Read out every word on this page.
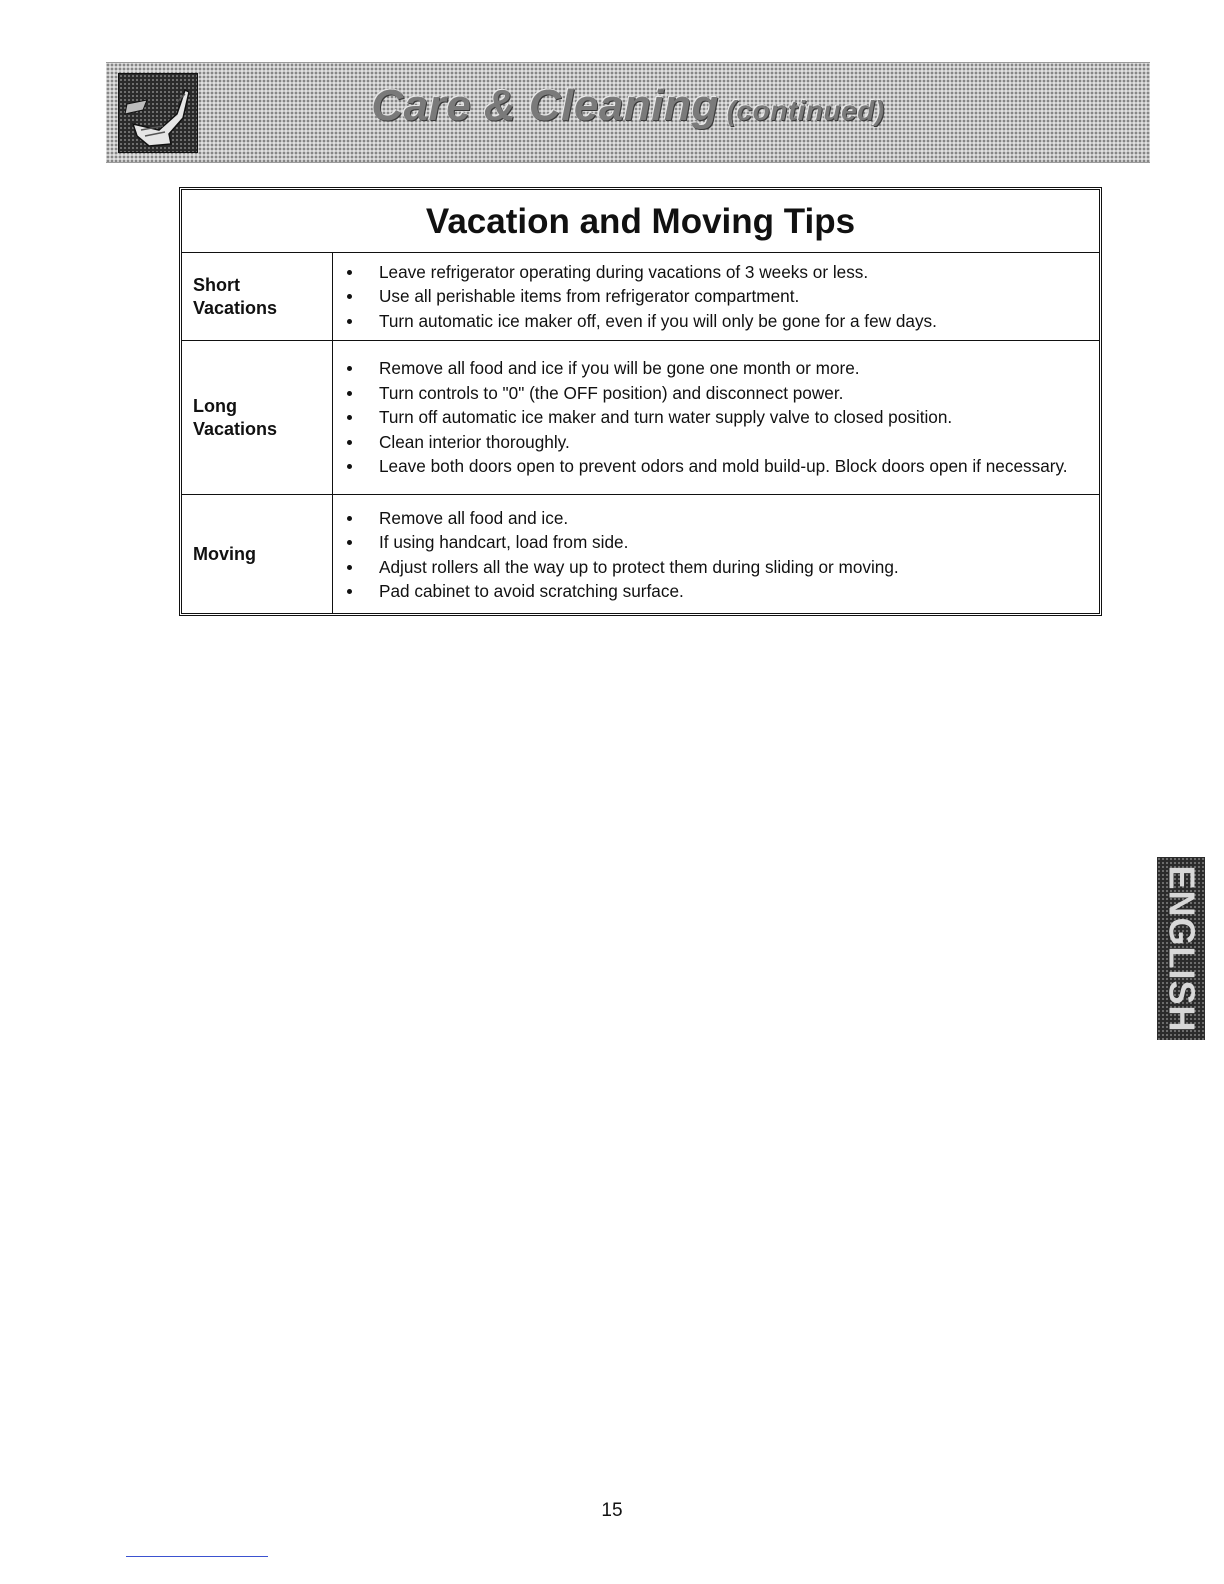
Care & Cleaning (continued)
Vacation and Moving Tips
Short
Vacations
Leave refrigerator operating during vacations of 3 weeks or less.
Use all perishable items from refrigerator compartment.
Turn automatic ice maker off, even if you will only be gone for a few days.
Long
Vacations
Remove all food and ice if you will be gone one month or more.
Turn controls to "0" (the OFF position) and disconnect power.
Turn off automatic ice maker and turn water supply valve to closed position.
Clean interior thoroughly.
Leave both doors open to prevent odors and mold build-up. Block doors open if necessary.
Moving
Remove all food and ice.
If using handcart, load from side.
Adjust rollers all the way up to protect them during sliding or moving.
Pad cabinet to avoid scratching surface.
ENGLISH
15
